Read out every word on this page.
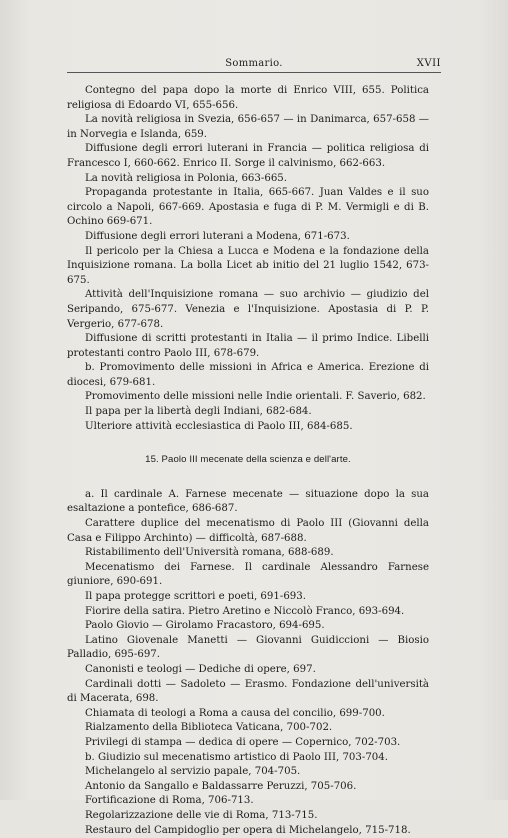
Sommario.	XVII

Contegno del papa dopo la morte di Enrico VIII, 655. Politica religiosa di Edoardo VI, 655-656.

La novità religiosa in Svezia, 656-657 — in Danimarca, 657-658 — in Norvegia e Islanda, 659.

Diffusione degli errori luterani in Francia — politica religiosa di Francesco I, 660-662. Enrico II. Sorge il calvinismo, 662-663.

La novità religiosa in Polonia, 663-665.

Propaganda protestante in Italia, 665-667. Juan Valdes e il suo circolo a Napoli, 667-669. Apostasia e fuga di P. M. Vermigli e di B. Ochino 669-671.

Diffusione degli errori luterani a Modena, 671-673.

Il pericolo per la Chiesa a Lucca e Modena e la fondazione della Inquisizione romana. La bolla Licet ab initio del 21 luglio 1542, 673-675.

Attività dell'Inquisizione romana — suo archivio — giudizio del Seripando, 675-677. Venezia e l'Inquisizione. Apostasia di P. P. Vergerio, 677-678.

Diffusione di scritti protestanti in Italia — il primo Indice. Libelli protestanti contro Paolo III, 678-679.

b. Promovimento delle missioni in Africa e America. Erezione di diocesi, 679-681.

Promovimento delle missioni nelle Indie orientali. F. Saverio, 682.

Il papa per la libertà degli Indiani, 682-684.

Ulteriore attività ecclesiastica di Paolo III, 684-685.

15. Paolo III mecenate della scienza e dell'arte.

a. Il cardinale A. Farnese mecenate — situazione dopo la sua esaltazione a pontefice, 686-687.

Carattere duplice del mecenatismo di Paolo III (Giovanni della Casa e Filippo Archinto) — difficoltà, 687-688.

Ristabilimento dell'Università romana, 688-689.

Mecenatismo dei Farnese. Il cardinale Alessandro Farnese giuniore, 690-691.

Il papa protegge scrittori e poeti, 691-693.

Fiorire della satira. Pietro Aretino e Niccolò Franco, 693-694.

Paolo Giovio — Girolamo Fracastoro, 694-695.

Latino Giovenale Manetti — Giovanni Guidiccioni — Biosio Palladio, 695-697.

Canonisti e teologi — Dediche di opere, 697.

Cardinali dotti — Sadoleto — Erasmo. Fondazione dell'università di Macerata, 698.

Chiamata di teologi a Roma a causa del concilio, 699-700.

Rialzamento della Biblioteca Vaticana, 700-702.

Privilegi di stampa — dedica di opere — Copernico, 702-703.

b. Giudizio sul mecenatismo artistico di Paolo III, 703-704.

Michelangelo al servizio papale, 704-705.

Antonio da Sangallo e Baldassarre Peruzzi, 705-706.

Fortificazione di Roma, 706-713.

Regolarizzazione delle vie di Roma, 713-715.

Restauro del Campidoglio per opera di Michelangelo, 715-718.
